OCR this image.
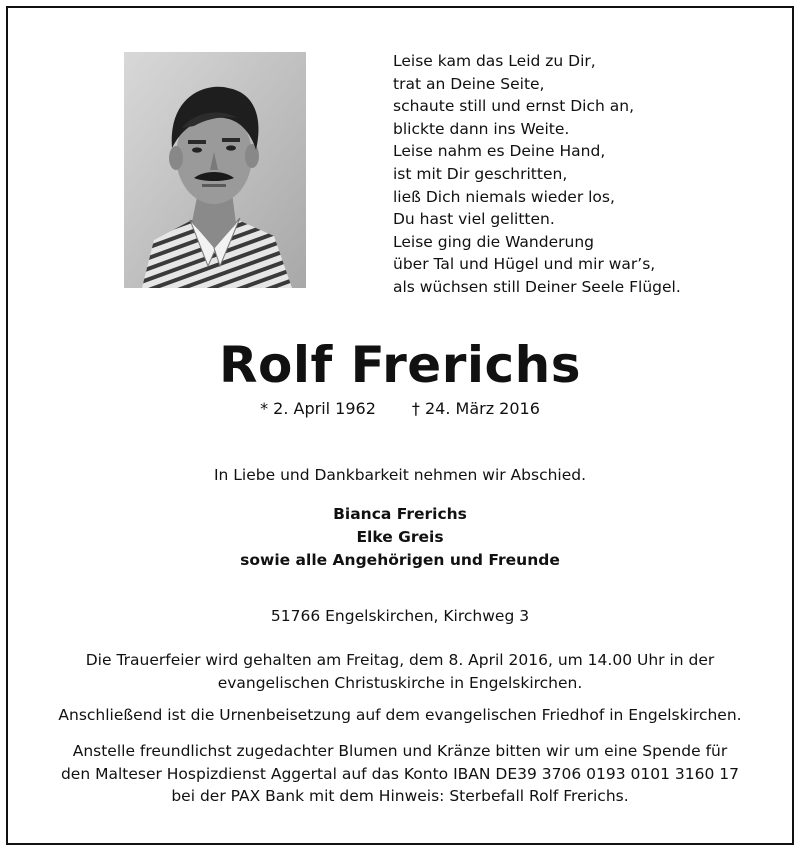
Leise kam das Leid zu Dir,
trat an Deine Seite,
schaute still und ernst Dich an,
blickte dann ins Weite.
Leise nahm es Deine Hand,
ist mit Dir geschritten,
ließ Dich niemals wieder los,
Du hast viel gelitten.
Leise ging die Wanderung
über Tal und Hügel und mir war’s,
als wüchsen still Deiner Seele Flügel.
Rolf Frerichs
* 2. April 1962 † 24. März 2016
In Liebe und Dankbarkeit nehmen wir Abschied.
Bianca Frerichs
Elke Greis
sowie alle Angehörigen und Freunde
51766 Engelskirchen, Kirchweg 3
Die Trauerfeier wird gehalten am Freitag, dem 8. April 2016, um 14.00 Uhr in der
evangelischen Christuskirche in Engelskirchen.
Anschließend ist die Urnenbeisetzung auf dem evangelischen Friedhof in Engelskirchen.
Anstelle freundlichst zugedachter Blumen und Kränze bitten wir um eine Spende für
den Malteser Hospizdienst Aggertal auf das Konto IBAN DE39 3706 0193 0101 3160 17
bei der PAX Bank mit dem Hinweis: Sterbefall Rolf Frerichs.
